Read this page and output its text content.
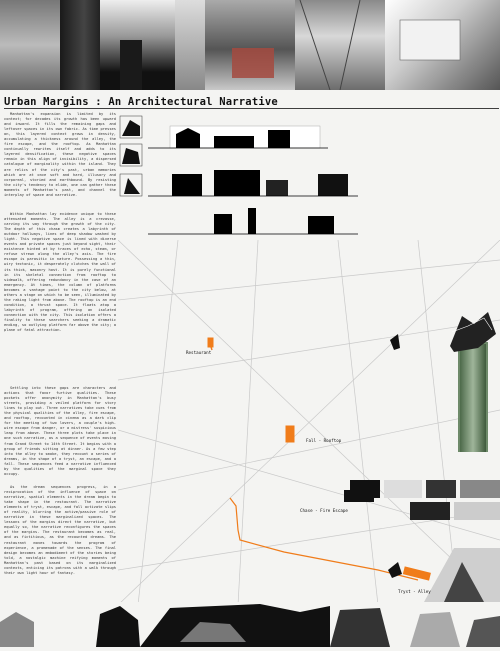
Urban Margins : An Architectural Narrative

Manhattan's expansion is limited by its context; for decades its growth has been upward and inward. It fills the remaining gaps and leftover spaces in its own fabric. As time presses on, this layered context grows in density, accumulating a thickness around the alley, the fire escape, and the rooftop. As Manhattan continually rewrites itself and adds to its layered densification, these negative spaces remain in this align of invisibility, a dispersed catalogue of marginality within the island. They are relics of the city's past, urban memories which are at once soft and hard, illusory and corporeal, storied and earthbound. By resisting the city's tendency to elide, one can gather these moments of Manhattan's past, and channel the interplay of space and narrative.

Within Manhattan lay evidence unique to these attenuated moments. The alley is a crevasse, carving its way through the growth of the city. The depth of this chasm creates a labyrinth of outdoor hallways, lines of deep shadow washed by light. This negative space is lined with diverse events and private spaces just beyond sight, their existence hinted at by traces of echo, steam, or refuse strewn along the alley's axis. The fire escape is parasitic in nature. Possessing a thin, wiry tectonic, it desperately clutches the wall of its thick, masonry host. It is purely functional in its skeletal connection from rooftop to sidewalk, offering redundancy in the case of an emergency. At times, the column of platforms becomes a vantage point to the city below, at others a stage on which to be seen, illuminated by the raking light from above. The rooftop is an end condition, a thrust space. It floats atop a labyrinth of program, offering an isolated connection with the city. This isolation offers a finality to these searchers seeking a dramatic ending, so outlying platform far above the city; a plane of fatal attraction.

Settling into these gaps are characters and actions that favor furtive qualities. These pockets offer anonymity in Manhattan's busy streets, providing a veiled platform for story lines to play out. Three narratives take cues from the physical qualities of the alley, fire escape, and rooftop, recounted in cinema as a dark clip for the meeting of two lovers, a couple's high-wire escape from danger, or a mistress' suspicious leap from above. These three plots take place in one such narrative, as a sequence of events moving from Grand Street to 14th Street. It begins with a group of friends sitting at dinner. As a few step into the alley to smoke, they recount a series of dreams, in the shape of a tryst, an escape, and a fall. These sequences feed a narrative influenced by the qualities of the marginal space they occupy.

As the dream sequences progress, in a reciprocation of the influence of space on narrative, spatial elements in the dream begin to take shape in the restaurant. The narrative elements of tryst, escape, and fall activate slips of reality, blurring the active/passive role of narrative in these marginalized spaces. The lessons of the margins direct the narrative, but equally so, the narrative reconfigures the spaces of the margins. The restaurant becomes as real, and as fictitious, as the recounted dreams. The restaurant moves towards the program of experience, a promenade of the senses. The final design becomes an embodiment of the stories being told, a nostalgic machine reifying moments of Manhattan's past based on its marginalized contexts, enticing its patrons with a walk through their own light hour of fantasy.

Restaurant
Fall - Rooftop
Chase - Fire Escape
Tryst - Alley
